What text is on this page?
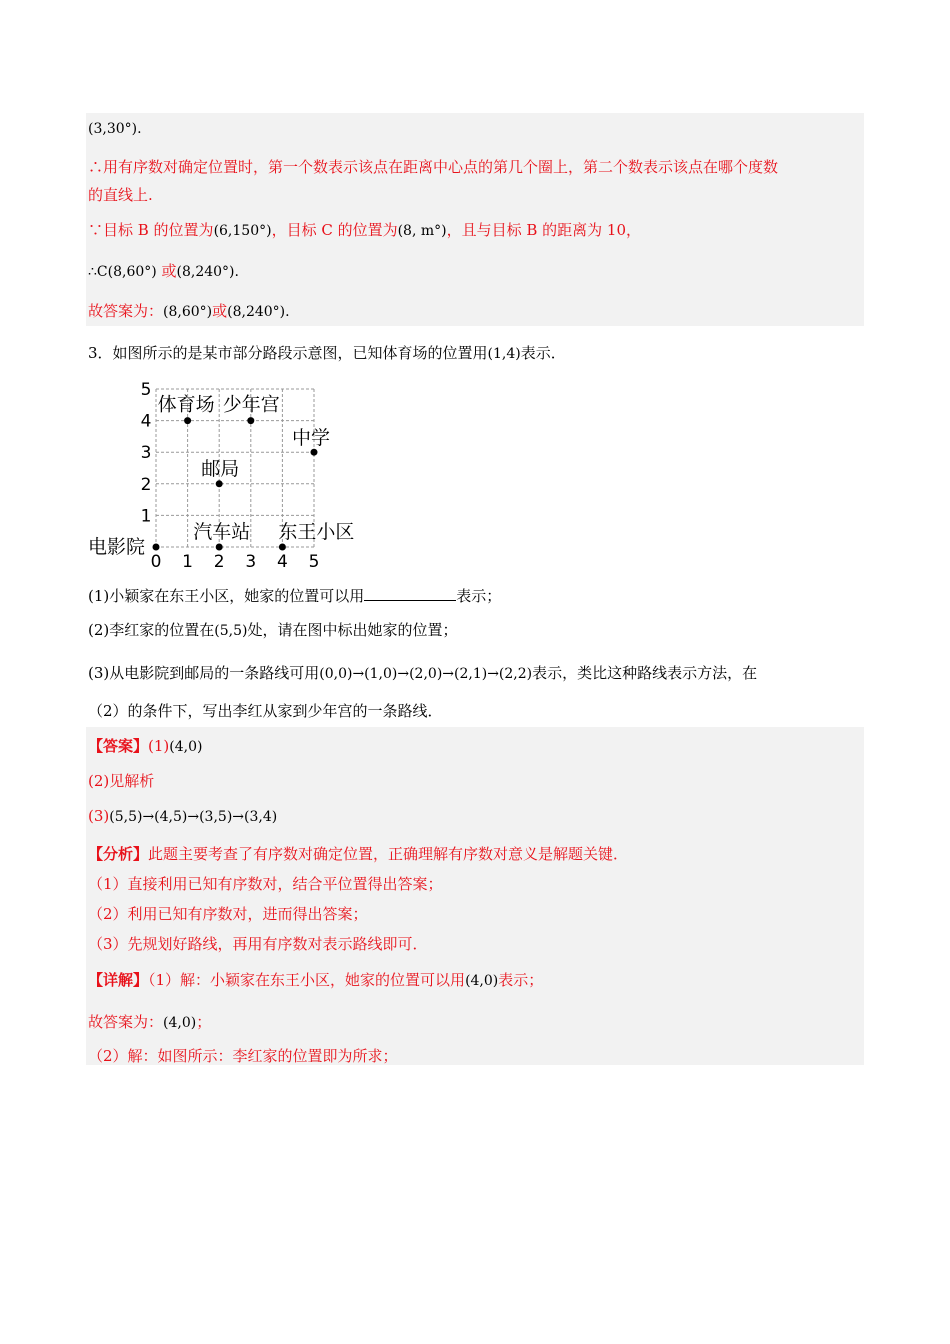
(3,30°).
∴用有序数对确定位置时，第一个数表示该点在距离中心点的第几个圈上，第二个数表示该点在哪个度数
的直线上.
∵目标 B 的位置为(6,150°)，目标 C 的位置为(8, m°)，且与目标 B 的距离为 10，
∴C(8,60°) 或(8,240°).
故答案为：(8,60°)或(8,240°).
3．如图所示的是某市部分路段示意图，已知体育场的位置用(1,4)表示．
0 1 2 3 4 5
1
2
3
4
5
体育场 少年宫
中学
邮局
汽车站 东王小区
电影院
(1)小颖家在东王小区，她家的位置可以用	表示；
(2)李红家的位置在(5,5)处，请在图中标出她家的位置；
(3)从电影院到邮局的一条路线可用(0,0)→(1,0)→(2,0)→(2,1)→(2,2)表示，类比这种路线表示方法，在
（2）的条件下，写出李红从家到少年宫的一条路线．
【答案】(1)(4,0)
(2)见解析
(3)(5,5)→(4,5)→(3,5)→(3,4)
【分析】此题主要考查了有序数对确定位置，正确理解有序数对意义是解题关键．
（1）直接利用已知有序数对，结合平位置得出答案；
（2）利用已知有序数对，进而得出答案；
（3）先规划好路线，再用有序数对表示路线即可．
【详解】（1）解：小颖家在东王小区，她家的位置可以用(4,0)表示；
故答案为：(4,0)；
（2）解：如图所示：李红家的位置即为所求；
